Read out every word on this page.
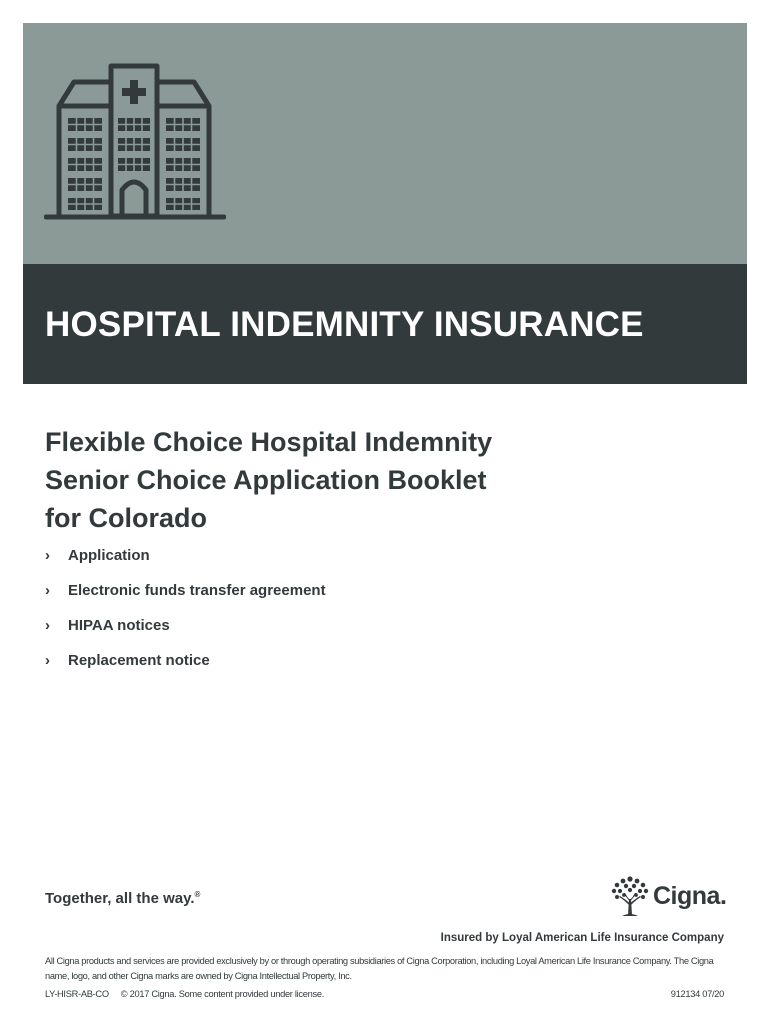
HOSPITAL INDEMNITY INSURANCE
Flexible Choice Hospital Indemnity
Senior Choice Application Booklet
for Colorado
›	Application
›	Electronic funds transfer agreement
›	HIPAA notices
›	Replacement notice

Together, all the way.®	Cigna.

Insured by Loyal American Life Insurance Company

All Cigna products and services are provided exclusively by or through operating subsidiaries of Cigna Corporation, including Loyal American Life Insurance Company. The Cigna name, logo, and other Cigna marks are owned by Cigna Intellectual Property, Inc.

LY-HISR-AB-CO © 2017 Cigna. Some content provided under license.	912134 07/20
